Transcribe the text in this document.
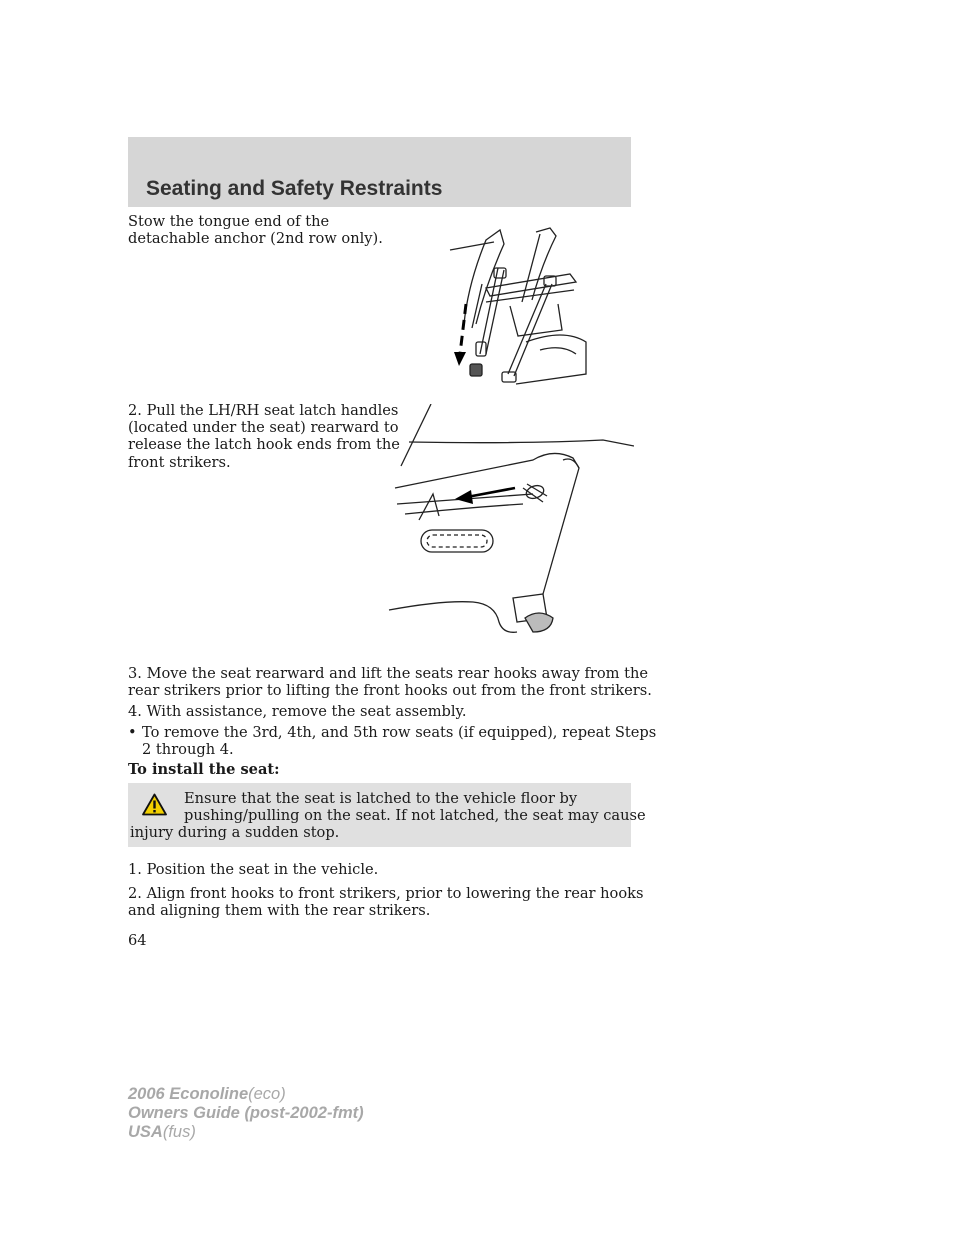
Seating and Safety Restraints
Stow the tongue end of the
detachable anchor (2nd row only).
2. Pull the LH/RH seat latch handles
(located under the seat) rearward to
release the latch hook ends from the
front strikers.
3. Move the seat rearward and lift the seats rear hooks away from the
rear strikers prior to lifting the front hooks out from the front strikers.
4. With assistance, remove the seat assembly.
• To remove the 3rd, 4th, and 5th row seats (if equipped), repeat Steps
2 through 4.
To install the seat:
Ensure that the seat is latched to the vehicle floor by
pushing/pulling on the seat. If not latched, the seat may cause
injury during a sudden stop.
1. Position the seat in the vehicle.
2. Align front hooks to front strikers, prior to lowering the rear hooks
and aligning them with the rear strikers.
64
2006 Econoline(eco)
Owners Guide (post-2002-fmt)
USA(fus)
